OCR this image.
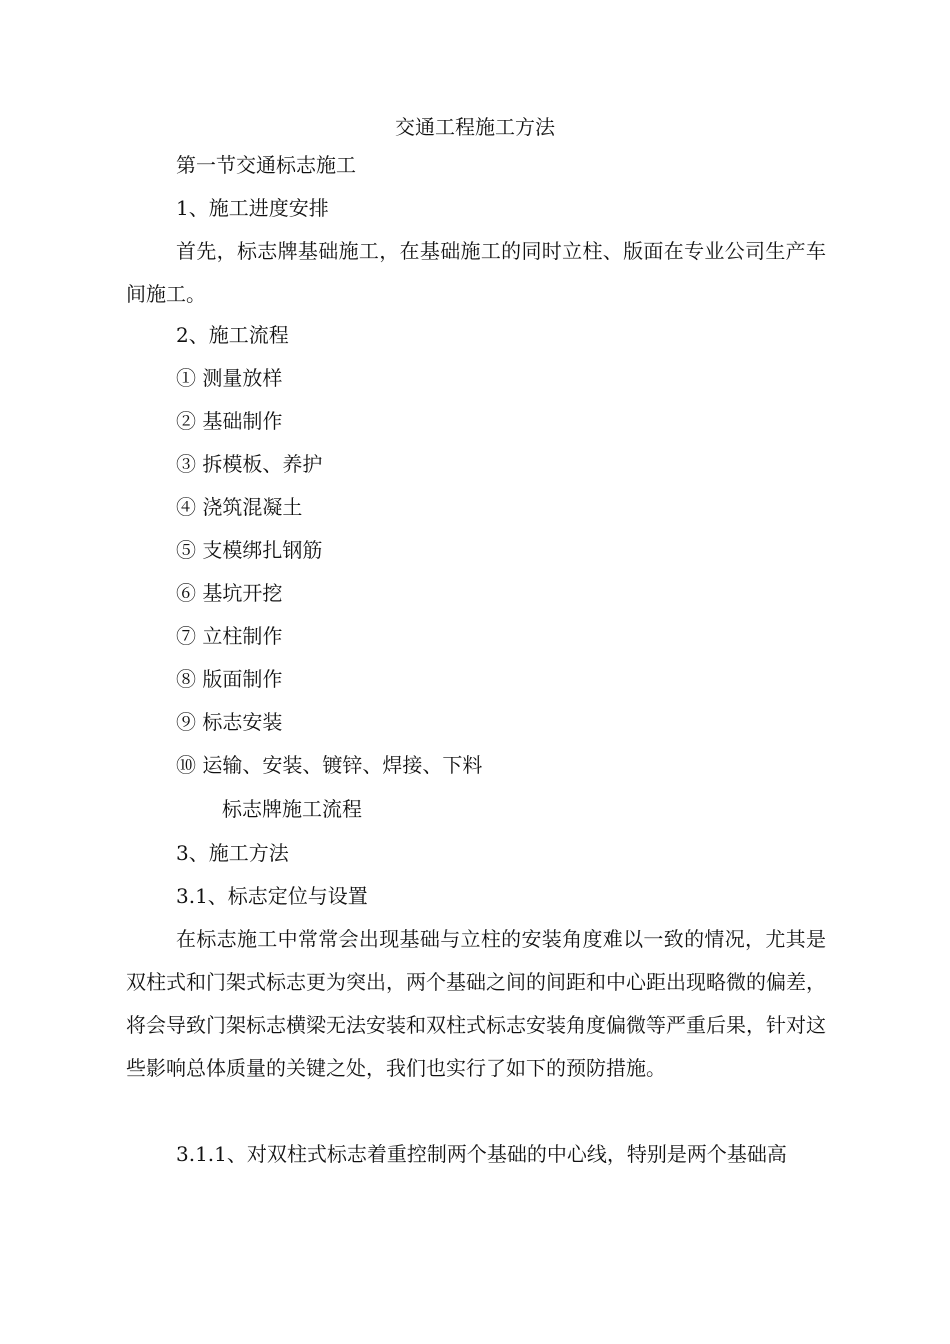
交通工程施工方法
第一节交通标志施工
1、施工进度安排
首先，标志牌基础施工，在基础施工的同时立柱、版面在专业公司生产车间施工。
2、施工流程
① 测量放样
② 基础制作
③ 拆模板、养护
④ 浇筑混凝土
⑤ 支模绑扎钢筋
⑥ 基坑开挖
⑦ 立柱制作
⑧ 版面制作
⑨ 标志安装
⑩ 运输、安装、镀锌、焊接、下料
标志牌施工流程
3、施工方法
3.1、标志定位与设置
在标志施工中常常会出现基础与立柱的安装角度难以一致的情况，尤其是双柱式和门架式标志更为突出，两个基础之间的间距和中心距出现略微的偏差，将会导致门架标志横梁无法安装和双柱式标志安装角度偏微等严重后果，针对这些影响总体质量的关键之处，我们也实行了如下的预防措施。
3.1.1、对双柱式标志着重控制两个基础的中心线，特别是两个基础高
